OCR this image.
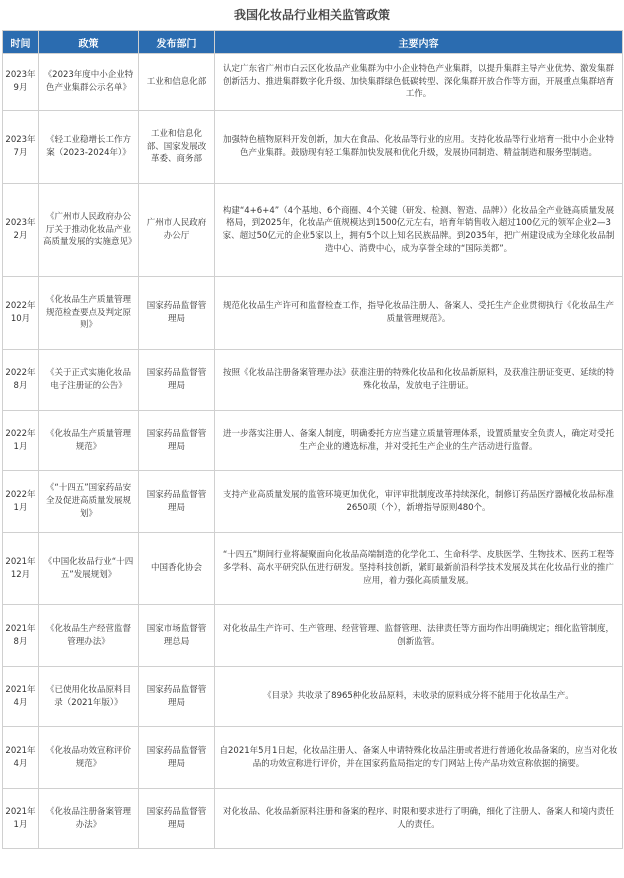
我国化妆品行业相关监管政策
时间	政策	发布部门	主要内容
2023年9月	《2023年度中小企业特色产业集群公示名单》	工业和信息化部	认定广东省广州市白云区化妆品产业集群为中小企业特色产业集群，以提升集群主导产业优势、激发集群创新活力、推进集群数字化升级、加快集群绿色低碳转型、深化集群开放合作等方面，开展重点集群培育工作。
2023年7月	《轻工业稳增长工作方案（2023-2024年）》	工业和信息化部、国家发展改革委、商务部	加强特色植物原料开发创新，加大在食品、化妆品等行业的应用。支持化妆品等行业培育一批中小企业特色产业集群。鼓励现有轻工集群加快发展和优化升级，发展协同制造、精益制造和服务型制造。
2023年2月	《广州市人民政府办公厅关于推动化妆品产业高质量发展的实施意见》	广州市人民政府办公厅	构建“4+6+4”（4个基地、6个商圈、4个关键（研发、检测、智造、品牌））化妆品全产业链高质量发展格局，到2025年，化妆品产值规模达到1500亿元左右，培育年销售收入超过100亿元的领军企业2—3家、超过50亿元的企业5家以上，拥有5个以上知名民族品牌。到2035年，把广州建设成为全球化妆品制造中心、消费中心，成为享誉全球的“国际美都”。
2022年10月	《化妆品生产质量管理规范检查要点及判定原则》	国家药品监督管理局	规范化妆品生产许可和监督检查工作，指导化妆品注册人、备案人、受托生产企业贯彻执行《化妆品生产质量管理规范》。
2022年8月	《关于正式实施化妆品电子注册证的公告》	国家药品监督管理局	按照《化妆品注册备案管理办法》获准注册的特殊化妆品和化妆品新原料，及获准注册证变更、延续的特殊化妆品，发放电子注册证。
2022年1月	《化妆品生产质量管理规范》	国家药品监督管理局	进一步落实注册人、备案人制度，明确委托方应当建立质量管理体系，设置质量安全负责人，确定对受托生产企业的遴选标准，并对受托生产企业的生产活动进行监督。
2022年1月	《“十四五”国家药品安全及促进高质量发展规划》	国家药品监督管理局	支持产业高质量发展的监管环境更加优化，审评审批制度改革持续深化，制修订药品医疗器械化妆品标准2650项（个），新增指导原则480个。
2021年12月	《中国化妆品行业“十四五”发展规划》	中国香化协会	“十四五”期间行业将凝聚面向化妆品高端制造的化学化工、生命科学、皮肤医学、生物技术、医药工程等多学科、高水平研究队伍进行研发。坚持科技创新，紧盯最新前沿科学技术发展及其在化妆品行业的推广应用，着力强化高质量发展。
2021年8月	《化妆品生产经营监督管理办法》	国家市场监督管理总局	对化妆品生产许可、生产管理、经营管理、监督管理、法律责任等方面均作出明确规定；细化监管制度，创新监管。
2021年4月	《已使用化妆品原料目录（2021年版）》	国家药品监督管理局	《目录》共收录了8965种化妆品原料，未收录的原料成分将不能用于化妆品生产。
2021年4月	《化妆品功效宣称评价规范》	国家药品监督管理局	自2021年5月1日起，化妆品注册人、备案人申请特殊化妆品注册或者进行普通化妆品备案的，应当对化妆品的功效宣称进行评价，并在国家药监局指定的专门网站上传产品功效宣称依据的摘要。
2021年1月	《化妆品注册备案管理办法》	国家药品监督管理局	对化妆品、化妆品新原料注册和备案的程序、时限和要求进行了明确，细化了注册人、备案人和境内责任人的责任。
